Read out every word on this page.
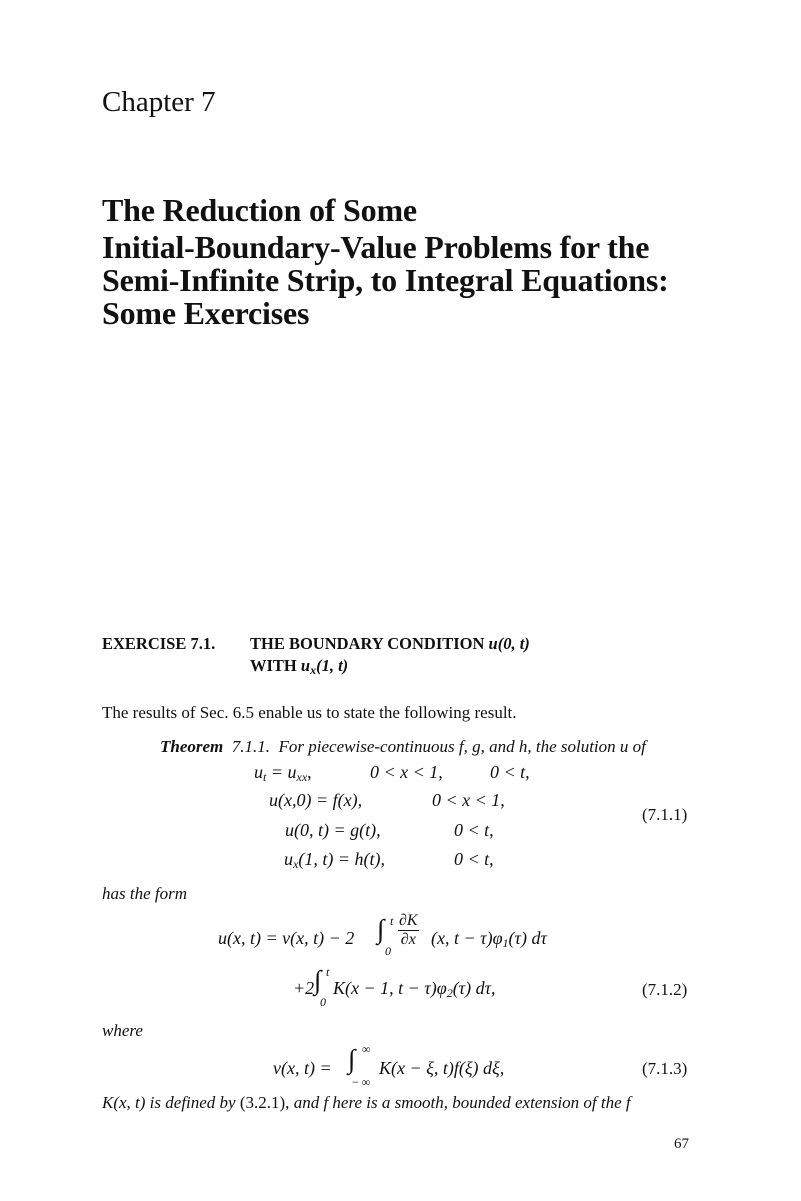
Chapter 7
The Reduction of Some
Initial-Boundary-Value Problems for the
Semi-Infinite Strip, to Integral Equations:
Some Exercises
EXERCISE 7.1. THE BOUNDARY CONDITION u(0, t)
WITH $u_x(1$, t)
The results of Sec. 6.5 enable us to state the following result.
Theorem 7.1.1. For piecewise-continuous f, g, and h, the solution u of
$u_t = u_{xx}$,	0 < x < 1,	0 < t,
u(x,0) = f(x),	0 < x < 1,
u(0, t) = g(t),	0 < t,
$u_x(1$, t) = h(t),	0 < t,
(7.1.1)
has the form
u(x, t) = v(x, t) − 2 ∫ t
0
$\frac{\partial K}{\partial x} (x$, $t - \tau)\varphi_1(\tau)$ dτ
+2 ∫ t
0
K(x − 1, $t - \tau)\varphi_2(\tau)$ dτ,	(7.1.2)
where
v(x, t) = ∫ ∞
− ∞
K(x − ξ, t)f(ξ) dξ,	(7.1.3)
K(x, t) is defined by (3.2.1), and f here is a smooth, bounded extension of the f
67
